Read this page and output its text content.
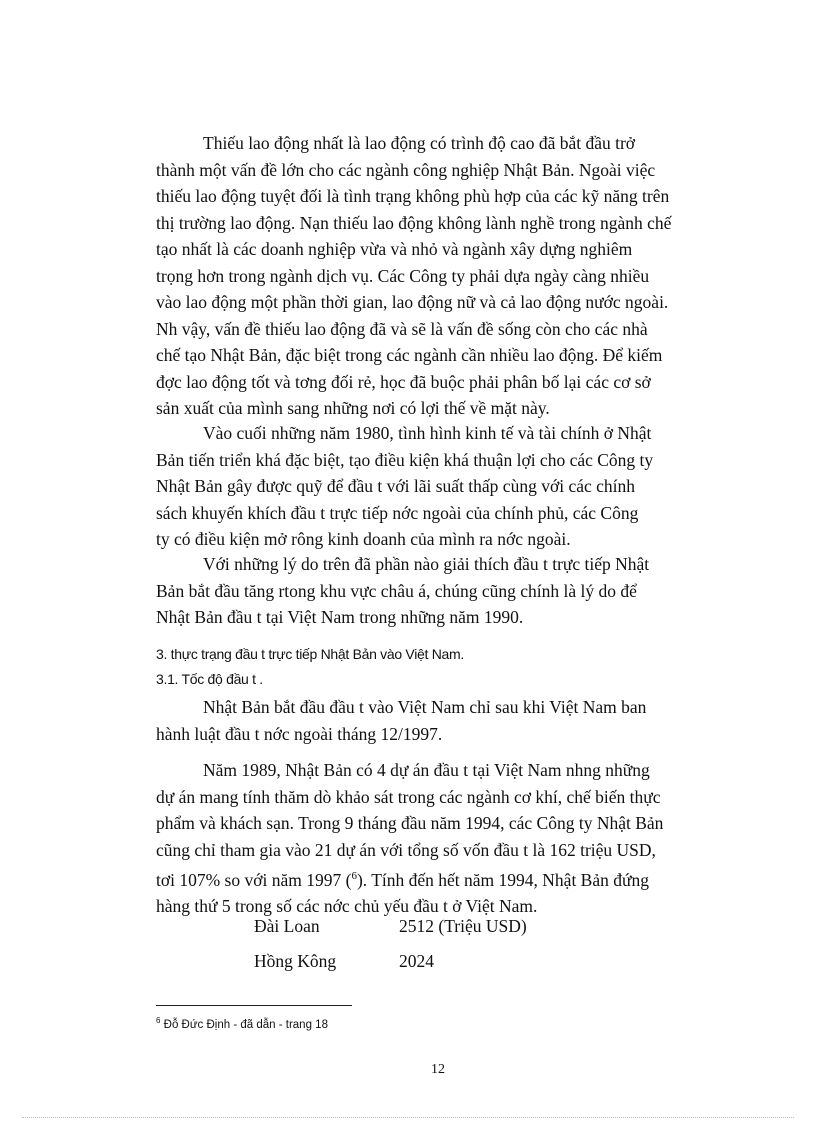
Thiếu lao động nhất là lao động có trình độ cao đã bắt đầu trở
thành một vấn đề lớn cho các ngành công nghiệp Nhật Bản. Ngoài việc
thiếu lao động tuyệt đối là tình trạng không phù hợp của các kỹ năng trên
thị trường lao động. Nạn thiếu lao động không lành nghề trong ngành chế
tạo nhất là các doanh nghiệp vừa và nhỏ và ngành xây dựng nghiêm
trọng hơn trong ngành dịch vụ. Các Công ty phải dựa ngày càng nhiều
vào lao động một phần thời gian, lao động nữ và cả lao động nước ngoài.
Nh vậy, vấn đề thiếu lao động đã và sẽ là vấn đề sống còn cho các nhà
chế tạo Nhật Bản, đặc biệt trong các ngành cần nhiều lao động. Để kiếm
đợc lao động tốt và tơng đối rẻ, học đã buộc phải phân bố lại các cơ sở
sản xuất của mình sang những nơi có lợi thế về mặt này.

Vào cuối những năm 1980, tình hình kinh tế và tài chính ở Nhật
Bản tiến triển khá đặc biệt, tạo điều kiện khá thuận lợi cho các Công ty
Nhật Bản gây được quỹ để đầu t với lãi suất thấp cùng với các chính
sách khuyến khích đầu t trực tiếp nớc ngoài của chính phủ, các Công
ty có điều kiện mở rông kinh doanh của mình ra nớc ngoài.

Với những lý do trên đã phần nào giải thích đầu t trực tiếp Nhật
Bản bắt đầu tăng rtong khu vực châu á, chúng cũng chính là lý do để
Nhật Bản đầu t tại Việt Nam trong những năm 1990.

3. thực trạng đầu t trực tiếp Nhật Bản vào Việt Nam.
3.1. Tốc độ đầu t .

Nhật Bản bắt đầu đầu t vào Việt Nam chỉ sau khi Việt Nam ban
hành luật đầu t nớc ngoài tháng 12/1997.

Năm 1989, Nhật Bản có 4 dự án đầu t tại Việt Nam nhng những
dự án mang tính thăm dò khảo sát trong các ngành cơ khí, chế biến thực
phẩm và khách sạn. Trong 9 tháng đầu năm 1994, các Công ty Nhật Bản
cũng chỉ tham gia vào 21 dự án với tổng số vốn đầu t là 162 triệu USD,
tơi 107% so với năm 1997 ($^6$). Tính đến hết năm 1994, Nhật Bản đứng
hàng thứ 5 trong số các nớc chủ yếu đầu t ở Việt Nam.

Đài Loan	2512 (Triệu USD)
Hồng Kông	2024
$^6$ Đỗ Đức Định - đã dẫn - trang 18
12
